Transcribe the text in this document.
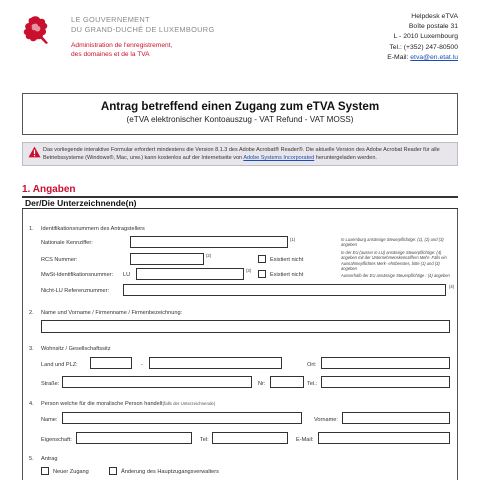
LE GOUVERNEMENT
DU GRAND-DUCHÉ DE LUXEMBOURG
Administration de l'enregistrement,
des domaines et de la TVA
Helpdesk eTVA
Boîte postale 31
L - 2010 Luxembourg
Tel.: (+352) 247-80500
E-Mail: etva@en.etat.lu
Antrag betreffend einen Zugang zum eTVA System
(eTVA elektronischer Kontoauszug - VAT Refund - VAT MOSS)
Das vorliegende interaktive Formular erfordert mindestens die Version 8.1.3 des Adobe Acrobat® Reader®. Die aktuelle Version des Adobe Acrobat Reader für alle Betriebssysteme (Windows®, Mac, unw.) kann kostenlos auf der Internetseite von Adobe Systems Incorporated heruntergeladen werden.
1. Angaben
Der/Die Unterzeichnende(n)
1. Identifikationsnummern des Antragstellers
Nationale Kennziffer:
(1)
RCS Nummer:
(2)
Existiert nicht
MwSt-Identifikationsnummer: LU
(3)
Existiert nicht
Nicht-LU Referenznummer:
(4)
In Luxemburg ansässige Steuerpflichtige: (1), (2) und (3) angeben
In der EU (ausser in LU) ansässige Steuerpflichtige: (4) angeben mit der Unternehmenskennziffern Mehr- Falls ein Ausnahmepflichtes Merk- ehrtbesstes, bitte (1) und (3) angeben
Ausserhalb der EU ansässige Steuerpflichtige : (4) angeben
2. Name und Vorname / Firmenname / Firmenbezeichnung:
3. Wohnsitz / Gesellschaftssitz
Land und PLZ:	-	Ort:
Straße:	Nr:	Tel.:
4. Person welche für die moralische Person handelt(falls der Unterzeichnende)
Name:	Vorname:
Eigenschaft:	Tel:	E-Mail:
5. Antrag
Neuer Zugang	Änderung des Hauptzugangsverwalters
